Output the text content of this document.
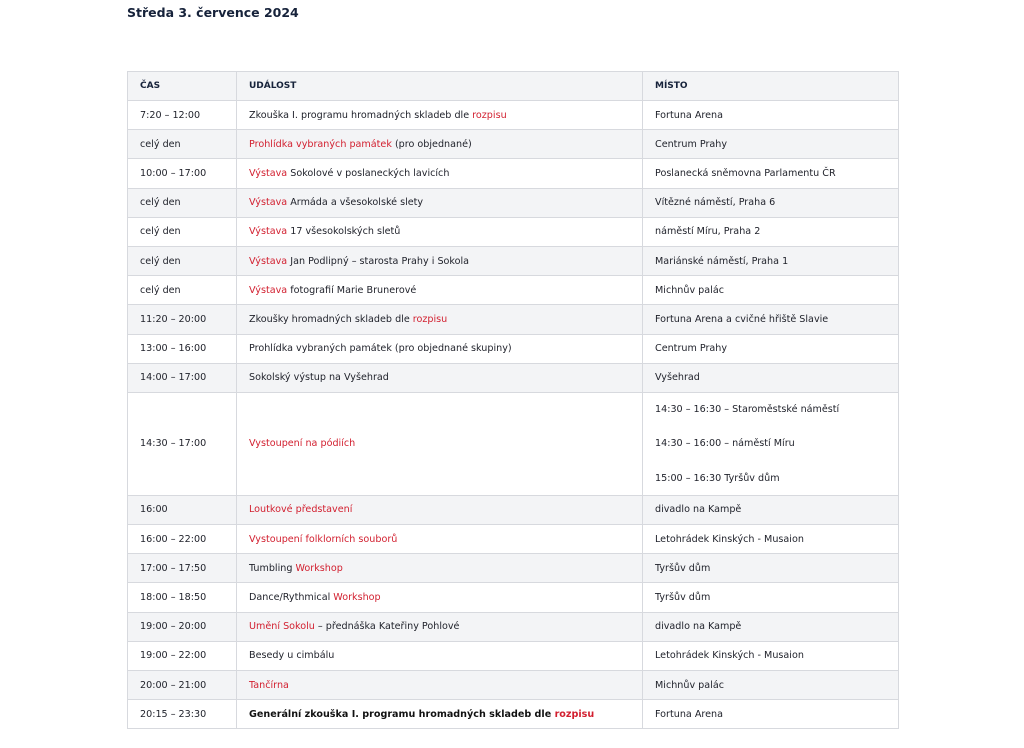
Středa 3. července 2024
ČAS	UDÁLOST	MÍSTO
7:20 – 12:00	Zkouška I. programu hromadných skladeb dle rozpisu	Fortuna Arena
celý den	Prohlídka vybraných památek (pro objednané)	Centrum Prahy
10:00 – 17:00	Výstava Sokolové v poslaneckých lavicích	Poslanecká sněmovna Parlamentu ČR
celý den	Výstava Armáda a všesokolské slety	Vítězné náměstí, Praha 6
celý den	Výstava 17 všesokolských sletů	náměstí Míru, Praha 2
celý den	Výstava Jan Podlipný – starosta Prahy i Sokola	Mariánské náměstí, Praha 1
celý den	Výstava fotografií Marie Brunerové	Michnův palác
11:20 – 20:00	Zkoušky hromadných skladeb dle rozpisu	Fortuna Arena a cvičné hřiště Slavie
13:00 – 16:00	Prohlídka vybraných památek (pro objednané skupiny)	Centrum Prahy
14:00 – 17:00	Sokolský výstup na Vyšehrad	Vyšehrad
14:30 – 17:00	Vystoupení na pódiích	14:30 – 16:30 – Staroměstské náměstí
14:30 – 16:00 – náměstí Míru
15:00 – 16:30 Tyršův dům

16:00	Loutkové představení	divadlo na Kampě
16:00 – 22:00	Vystoupení folklorních souborů	Letohrádek Kinských - Musaion
17:00 – 17:50	Tumbling Workshop	Tyršův dům
18:00 – 18:50	Dance/Rythmical Workshop	Tyršův dům
19:00 – 20:00	Umění Sokolu – přednáška Kateřiny Pohlové	divadlo na Kampě
19:00 – 22:00	Besedy u cimbálu	Letohrádek Kinských - Musaion
20:00 – 21:00	Tančírna	Michnův palác
20:15 – 23:30	Generální zkouška I. programu hromadných skladeb dle rozpisu	Fortuna Arena
